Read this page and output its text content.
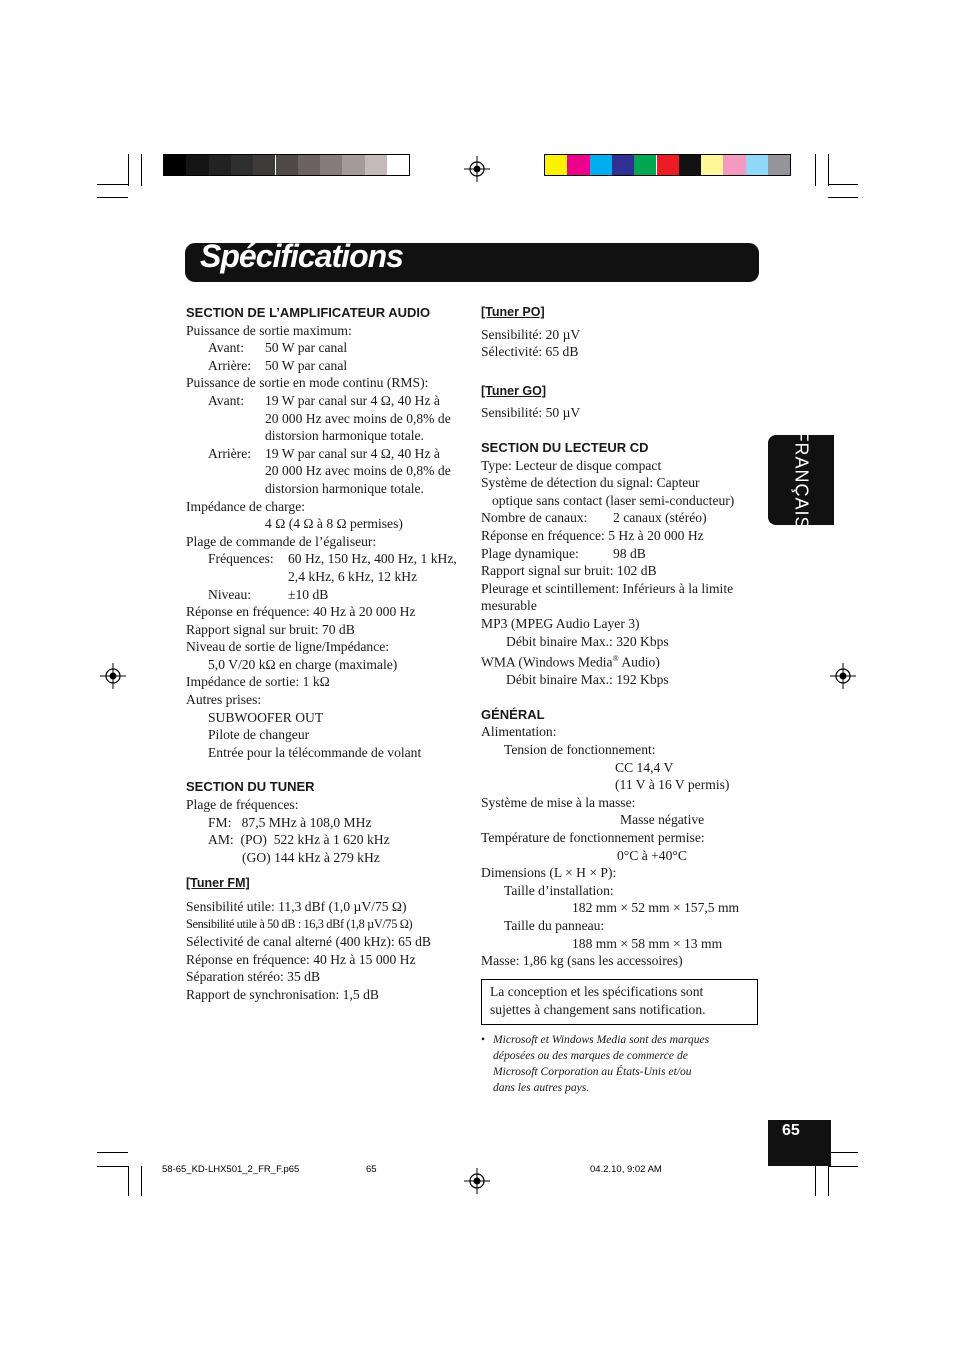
Spécifications
FRANÇAIS
SECTION DE L’AMPLIFICATEUR AUDIO
Puissance de sortie maximum:
Avant: 50 W par canal
Arrière: 50 W par canal
Puissance de sortie en mode continu (RMS):
Avant: 19 W par canal sur 4 Ω, 40 Hz à
20 000 Hz avec moins de 0,8% de
distorsion harmonique totale.
Arrière: 19 W par canal sur 4 Ω, 40 Hz à
20 000 Hz avec moins de 0,8% de
distorsion harmonique totale.
Impédance de charge:
4 Ω (4 Ω à 8 Ω permises)
Plage de commande de l’égaliseur:
Fréquences: 60 Hz, 150 Hz, 400 Hz, 1 kHz,
2,4 kHz, 6 kHz, 12 kHz
Niveau:	±10 dB
Réponse en fréquence: 40 Hz à 20 000 Hz
Rapport signal sur bruit: 70 dB
Niveau de sortie de ligne/Impédance:
5,0 V/20 kΩ en charge (maximale)
Impédance de sortie: 1 kΩ
Autres prises:
SUBWOOFER OUT
Pilote de changeur
Entrée pour la télécommande de volant
SECTION DU TUNER
Plage de fréquences:
FM:   87,5 MHz à 108,0 MHz
AM:  (PO)  522 kHz à 1 620 kHz
(GO) 144 kHz à 279 kHz
[Tuner FM]
Sensibilité utile: 11,3 dBf (1,0 µV/75 Ω)
Sensibilité utile à 50 dB : 16,3 dBf (1,8 µV/75 Ω)
Sélectivité de canal alterné (400 kHz): 65 dB
Réponse en fréquence: 40 Hz à 15 000 Hz
Séparation stéréo: 35 dB
Rapport de synchronisation: 1,5 dB
[Tuner PO]
Sensibilité: 20 µV
Sélectivité: 65 dB
[Tuner GO]
Sensibilité: 50 µV
SECTION DU LECTEUR CD
Type: Lecteur de disque compact
Système de détection du signal: Capteur
optique sans contact (laser semi-conducteur)
Nombre de canaux: 2 canaux (stéréo)
Réponse en fréquence: 5 Hz à 20 000 Hz
Plage dynamique:	98 dB
Rapport signal sur bruit: 102 dB
Pleurage et scintillement: Inférieurs à la limite
mesurable
MP3 (MPEG Audio Layer 3)
Débit binaire Max.: 320 Kbps
WMA (Windows Media® Audio)
Débit binaire Max.: 192 Kbps
GÉNÉRAL
Alimentation:
Tension de fonctionnement:
CC 14,4 V
(11 V à 16 V permis)
Système de mise à la masse:
Masse négative
Température de fonctionnement permise:
0°C à +40°C
Dimensions (L × H × P):
Taille d’installation:
182 mm × 52 mm × 157,5 mm
Taille du panneau:
188 mm × 58 mm × 13 mm
Masse: 1,86 kg (sans les accessoires)
La conception et les spécifications sont
sujettes à changement sans notification.
• Microsoft et Windows Media sont des marques
déposées ou des marques de commerce de
Microsoft Corporation au États-Unis et/ou
dans les autres pays.
65
58-65_KD-LHX501_2_FR_F.p65	65	04.2.10, 9:02 AM
